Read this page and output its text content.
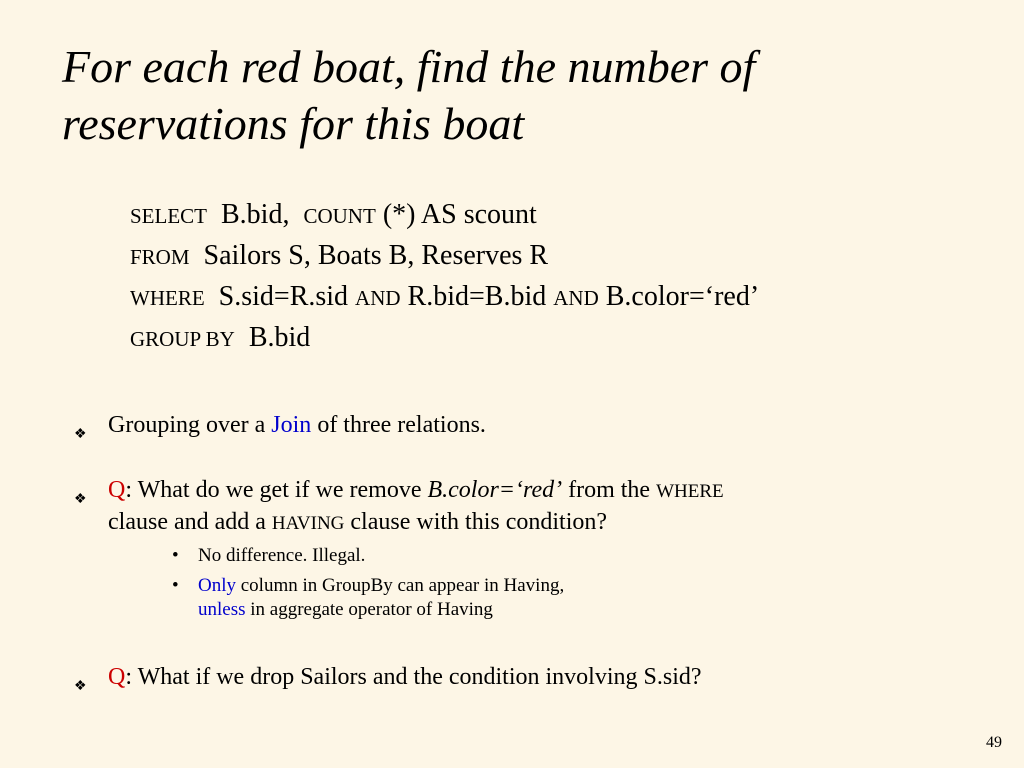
For each red boat, find the number of
reservations for this boat
SELECT B.bid, COUNT (*) AS scount
FROM Sailors S, Boats B, Reserves R
WHERE S.sid=R.sid AND R.bid=B.bid AND B.color=‘red’
GROUP BY B.bid
❖ Grouping over a Join of three relations.
❖ Q: What do we get if we remove B.color=‘red’ from the WHERE
clause and add a HAVING clause with this condition?
• No difference. Illegal.
• Only column in GroupBy can appear in Having,
unless in aggregate operator of Having
❖ Q: What if we drop Sailors and the condition involving S.sid?
49
